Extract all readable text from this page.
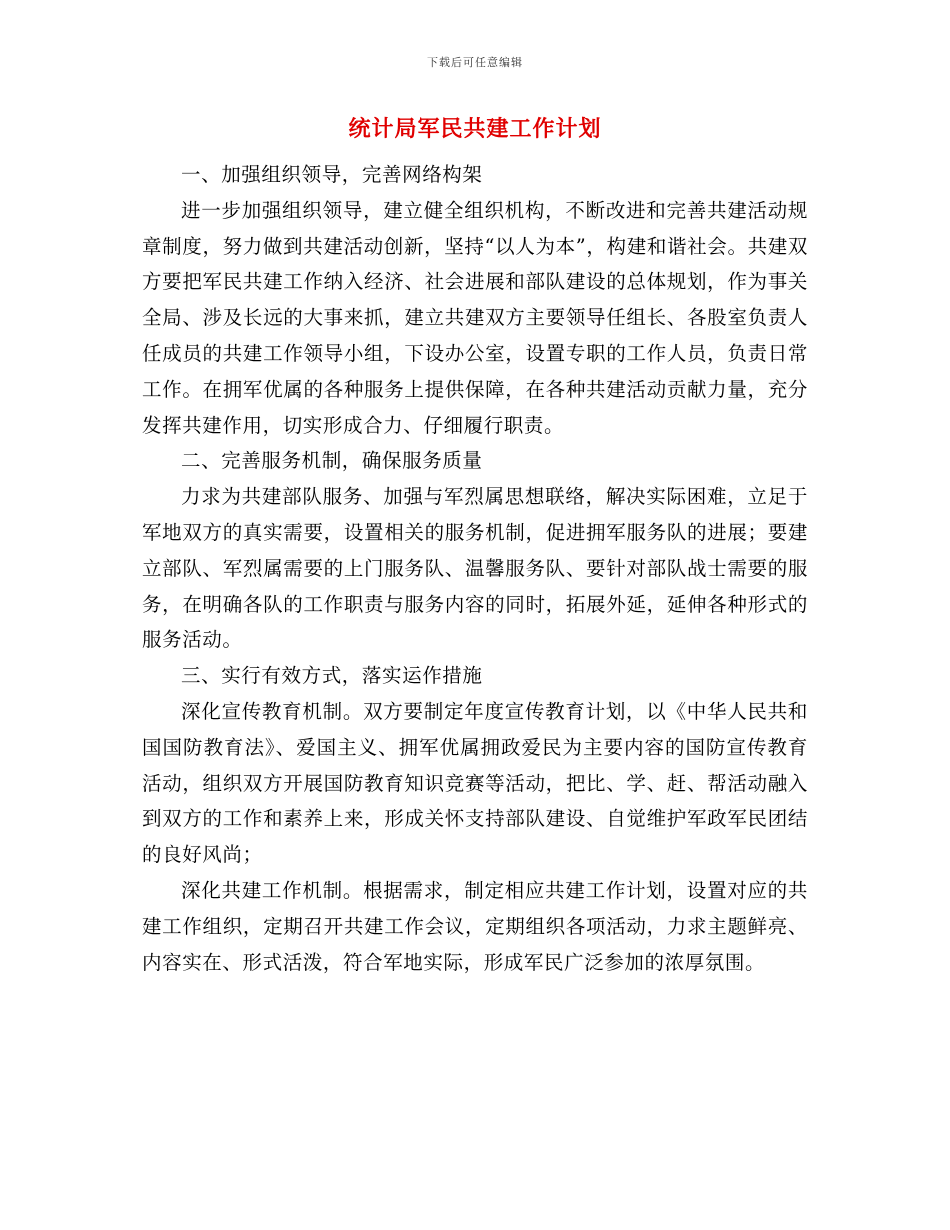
下载后可任意编辑
统计局军民共建工作计划

一、加强组织领导，完善网络构架

进一步加强组织领导，建立健全组织机构，不断改进和完善共建活动规章制度，努力做到共建活动创新，坚持“以人为本”，构建和谐社会。共建双方要把军民共建工作纳入经济、社会进展和部队建设的总体规划，作为事关全局、涉及长远的大事来抓，建立共建双方主要领导任组长、各股室负责人任成员的共建工作领导小组，下设办公室，设置专职的工作人员，负责日常工作。在拥军优属的各种服务上提供保障，在各种共建活动贡献力量，充分发挥共建作用，切实形成合力、仔细履行职责。

二、完善服务机制，确保服务质量

力求为共建部队服务、加强与军烈属思想联络，解决实际困难，立足于军地双方的真实需要，设置相关的服务机制，促进拥军服务队的进展；要建立部队、军烈属需要的上门服务队、温馨服务队、要针对部队战士需要的服务，在明确各队的工作职责与服务内容的同时，拓展外延，延伸各种形式的服务活动。

三、实行有效方式，落实运作措施

深化宣传教育机制。双方要制定年度宣传教育计划，以《中华人民共和国国防教育法》、爱国主义、拥军优属拥政爱民为主要内容的国防宣传教育活动，组织双方开展国防教育知识竞赛等活动，把比、学、赶、帮活动融入到双方的工作和素养上来，形成关怀支持部队建设、自觉维护军政军民团结的良好风尚；

深化共建工作机制。根据需求，制定相应共建工作计划，设置对应的共建工作组织，定期召开共建工作会议，定期组织各项活动，力求主题鲜亮、内容实在、形式活泼，符合军地实际，形成军民广泛参加的浓厚氛围。
